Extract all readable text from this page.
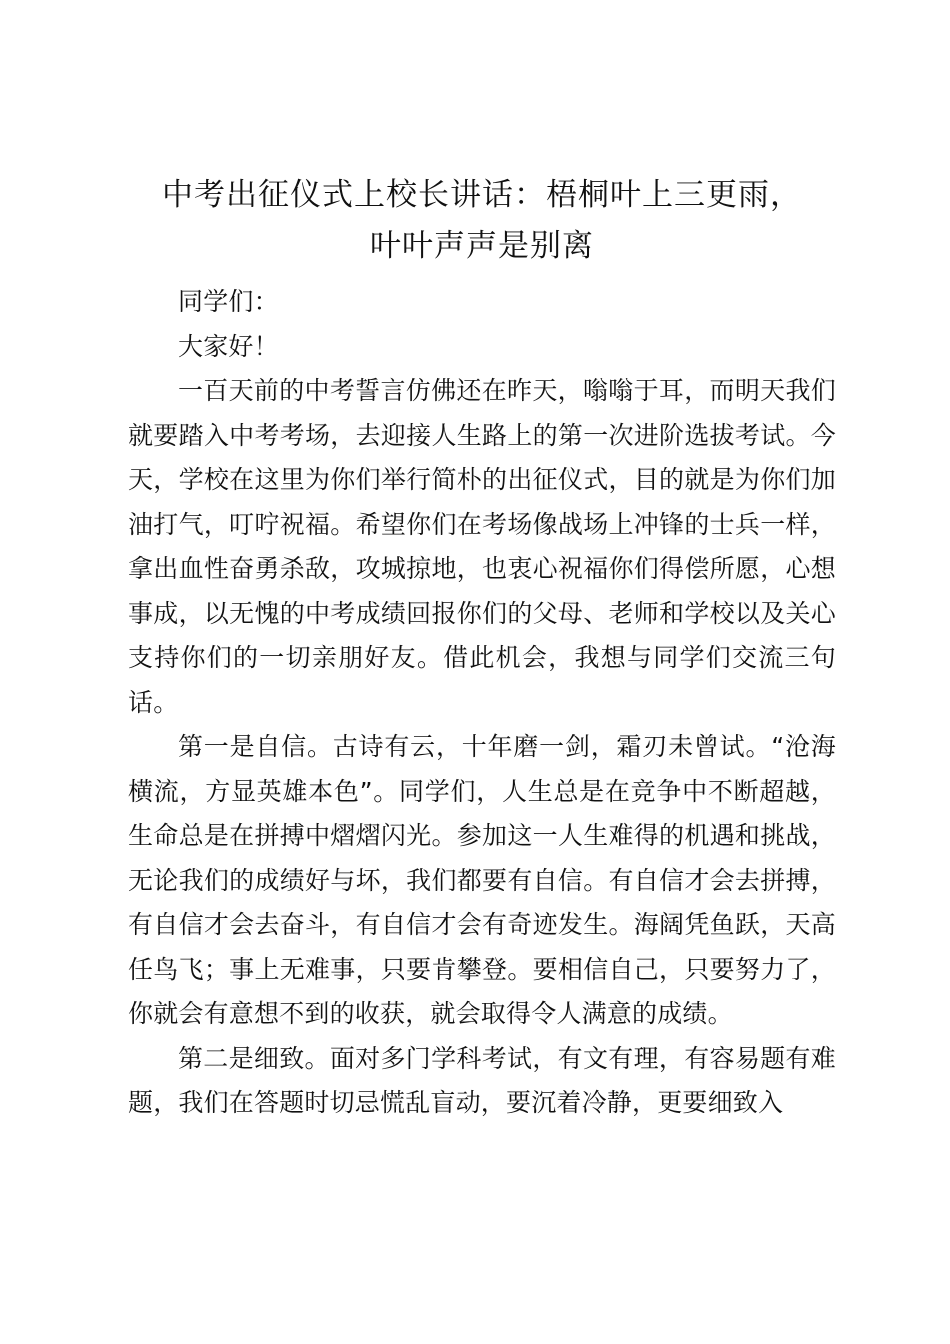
中考出征仪式上校长讲话：梧桐叶上三更雨，
叶叶声声是别离

同学们：

大家好！

一百天前的中考誓言仿佛还在昨天，嗡嗡于耳，而明天我们就要踏入中考考场，去迎接人生路上的第一次进阶选拔考试。今天，学校在这里为你们举行简朴的出征仪式，目的就是为你们加油打气，叮咛祝福。希望你们在考场像战场上冲锋的士兵一样，拿出血性奋勇杀敌，攻城掠地，也衷心祝福你们得偿所愿，心想事成，以无愧的中考成绩回报你们的父母、老师和学校以及关心支持你们的一切亲朋好友。借此机会，我想与同学们交流三句话。

第一是自信。古诗有云，十年磨一剑，霜刃未曾试。“沧海横流，方显英雄本色”。同学们，人生总是在竞争中不断超越，生命总是在拼搏中熠熠闪光。参加这一人生难得的机遇和挑战，无论我们的成绩好与坏，我们都要有自信。有自信才会去拼搏，有自信才会去奋斗，有自信才会有奇迹发生。海阔凭鱼跃，天高任鸟飞；事上无难事，只要肯攀登。要相信自己，只要努力了，你就会有意想不到的收获，就会取得令人满意的成绩。

第二是细致。面对多门学科考试，有文有理，有容易题有难题，我们在答题时切忌慌乱盲动，要沉着冷静，更要细致入
